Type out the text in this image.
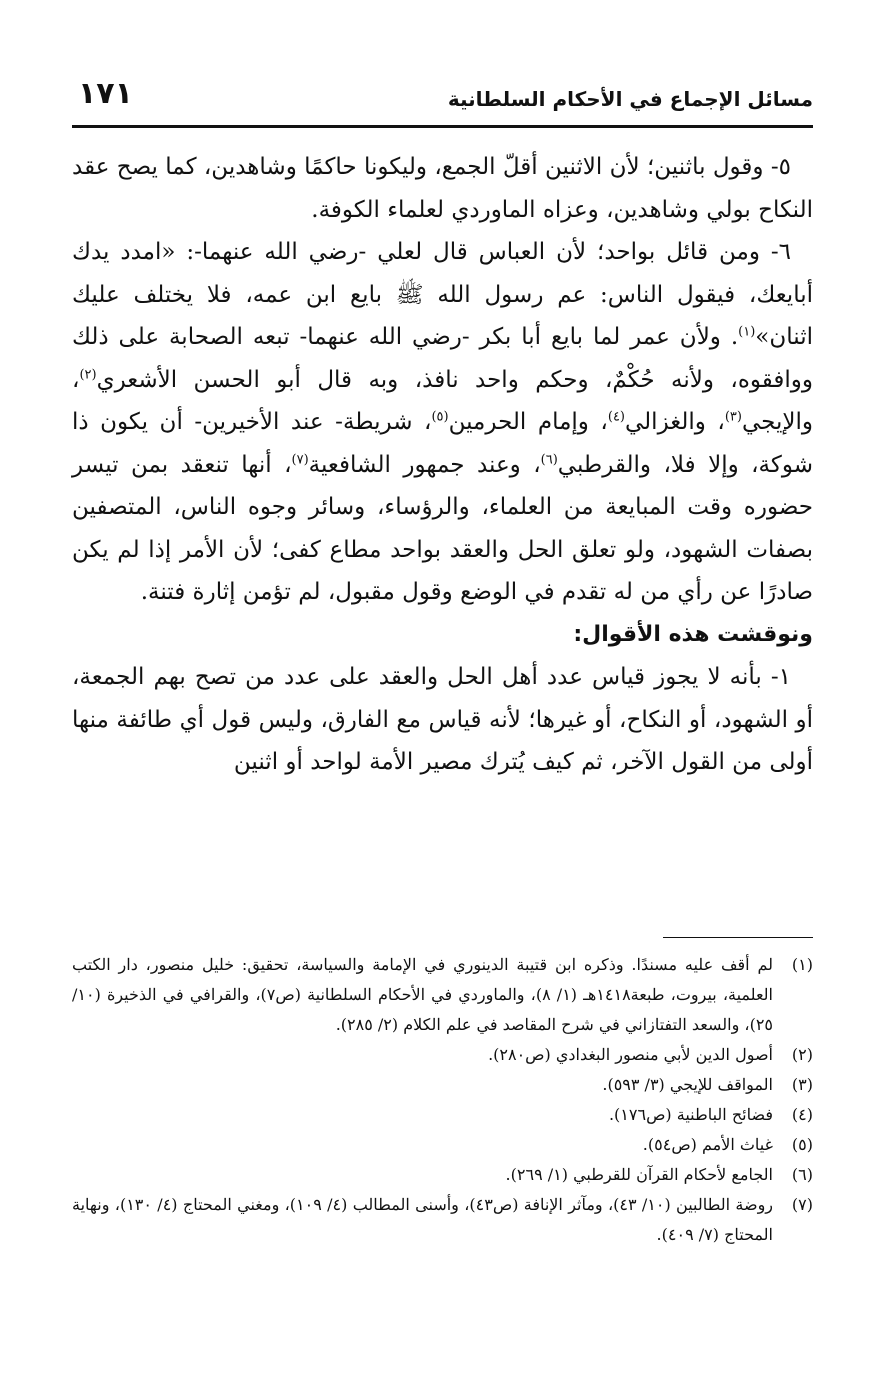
١٧١	مسائل الإجماع في الأحكام السلطانية

٥- وقول باثنين؛ لأن الاثنين أقلّ الجمع، وليكونا حاكمًا وشاهدين، كما يصح عقد النكاح بولي وشاهدين، وعزاه الماوردي لعلماء الكوفة.

٦- ومن قائل بواحد؛ لأن العباس قال لعلي -رضي الله عنهما-: «امدد يدك أبايعك، فيقول الناس: عم رسول الله ﷺ بايع ابن عمه، فلا يختلف عليك اثنان»$^{(١)}$. ولأن عمر لما بايع أبا بكر -رضي الله عنهما- تبعه الصحابة على ذلك ووافقوه، ولأنه حُكْمٌ، وحكم واحد نافذ، وبه قال أبو الحسن الأشعري$^{(٢)}$، والإيجي$^{(٣)}$، والغزالي$^{(٤)}$، وإمام الحرمين$^{(٥)}$، شريطة- عند الأخيرين- أن يكون ذا شوكة، وإلا فلا، والقرطبي$^{(٦)}$، وعند جمهور الشافعية$^{(٧)}$، أنها تنعقد بمن تيسر حضوره وقت المبايعة من العلماء، والرؤساء، وسائر وجوه الناس، المتصفين بصفات الشهود، ولو تعلق الحل والعقد بواحد مطاع كفى؛ لأن الأمر إذا لم يكن صادرًا عن رأي من له تقدم في الوضع وقول مقبول، لم تؤمن إثارة فتنة.

ونوقشت هذه الأقوال:

١- بأنه لا يجوز قياس عدد أهل الحل والعقد على عدد من تصح بهم الجمعة، أو الشهود، أو النكاح، أو غيرها؛ لأنه قياس مع الفارق، وليس قول أي طائفة منها أولى من القول الآخر، ثم كيف يُترك مصير الأمة لواحد أو اثنين

(١)
لم أقف عليه مسندًا. وذكره ابن قتيبة الدينوري في الإمامة والسياسة، تحقيق: خليل منصور، دار الكتب العلمية، بيروت، طبعة١٤١٨هـ (١/ ٨)، والماوردي في الأحكام السلطانية (ص٧)، والقرافي في الذخيرة (١٠/ ٢٥)، والسعد التفتازاني في شرح المقاصد في علم الكلام (٢/ ٢٨٥).
(٢)
أصول الدين لأبي منصور البغدادي (ص٢٨٠).
(٣)
المواقف للإيجي (٣/ ٥٩٣).
(٤)
فضائح الباطنية (ص١٧٦).
(٥)
غياث الأمم (ص٥٤).
(٦)
الجامع لأحكام القرآن للقرطبي (١/ ٢٦٩).
(٧)
روضة الطالبين (١٠/ ٤٣)، ومآثر الإنافة (ص٤٣)، وأسنى المطالب (٤/ ١٠٩)، ومغني المحتاج (٤/ ١٣٠)، ونهاية المحتاج (٧/ ٤٠٩).
